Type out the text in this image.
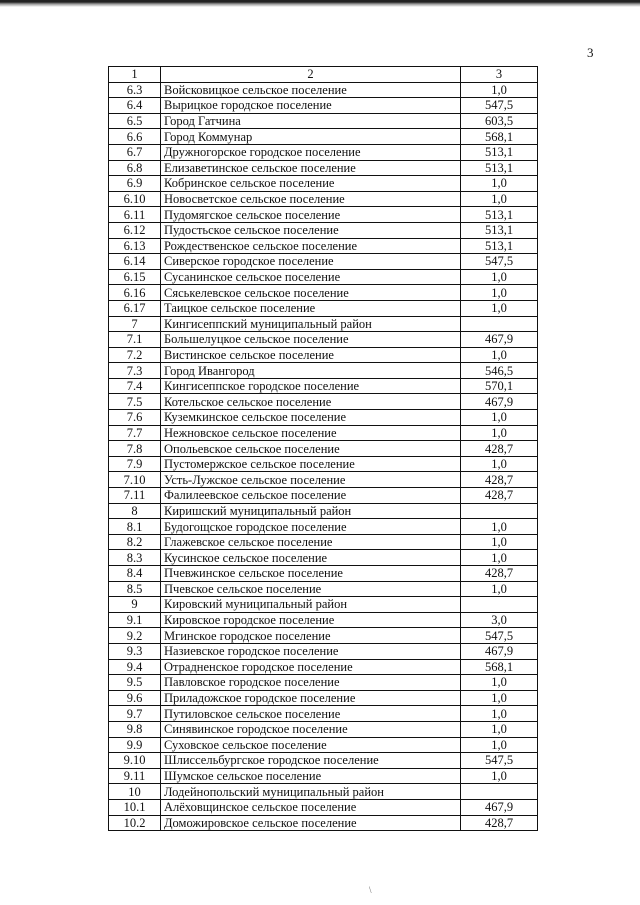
3
1	2	3
6.3	Войсковицкое сельское поселение	1,0
6.4	Вырицкое городское поселение	547,5
6.5	Город Гатчина	603,5
6.6	Город Коммунар	568,1
6.7	Дружногорское городское поселение	513,1
6.8	Елизаветинское сельское поселение	513,1
6.9	Кобринское сельское поселение	1,0
6.10	Новосветское сельское поселение	1,0
6.11	Пудомягское сельское поселение	513,1
6.12	Пудостьское сельское поселение	513,1
6.13	Рождественское сельское поселение	513,1
6.14	Сиверское городское поселение	547,5
6.15	Сусанинское сельское поселение	1,0
6.16	Сяськелевское сельское поселение	1,0
6.17	Таицкое сельское поселение	1,0
7	Кингисеппский муниципальный район	
7.1	Большелуцкое сельское поселение	467,9
7.2	Вистинское сельское поселение	1,0
7.3	Город Ивангород	546,5
7.4	Кингисеппское городское поселение	570,1
7.5	Котельское сельское поселение	467,9
7.6	Куземкинское сельское поселение	1,0
7.7	Нежновское сельское поселение	1,0
7.8	Опольевское сельское поселение	428,7
7.9	Пустомержское сельское поселение	1,0
7.10	Усть-Лужское сельское поселение	428,7
7.11	Фалилеевское сельское поселение	428,7
8	Киришский муниципальный район	
8.1	Будогощское городское поселение	1,0
8.2	Глажевское сельское поселение	1,0
8.3	Кусинское сельское поселение	1,0
8.4	Пчевжинское сельское поселение	428,7
8.5	Пчевское сельское поселение	1,0
9	Кировский муниципальный район	
9.1	Кировское городское поселение	3,0
9.2	Мгинское городское поселение	547,5
9.3	Назиевское городское поселение	467,9
9.4	Отрадненское городское поселение	568,1
9.5	Павловское городское поселение	1,0
9.6	Приладожское городское поселение	1,0
9.7	Путиловское сельское поселение	1,0
9.8	Синявинское городское поселение	1,0
9.9	Суховское сельское поселение	1,0
9.10	Шлиссельбургское городское поселение	547,5
9.11	Шумское сельское поселение	1,0
10	Лодейнопольский муниципальный район	
10.1	Алёховщинское сельское поселение	467,9
10.2	Доможировское сельское поселение	428,7
\
